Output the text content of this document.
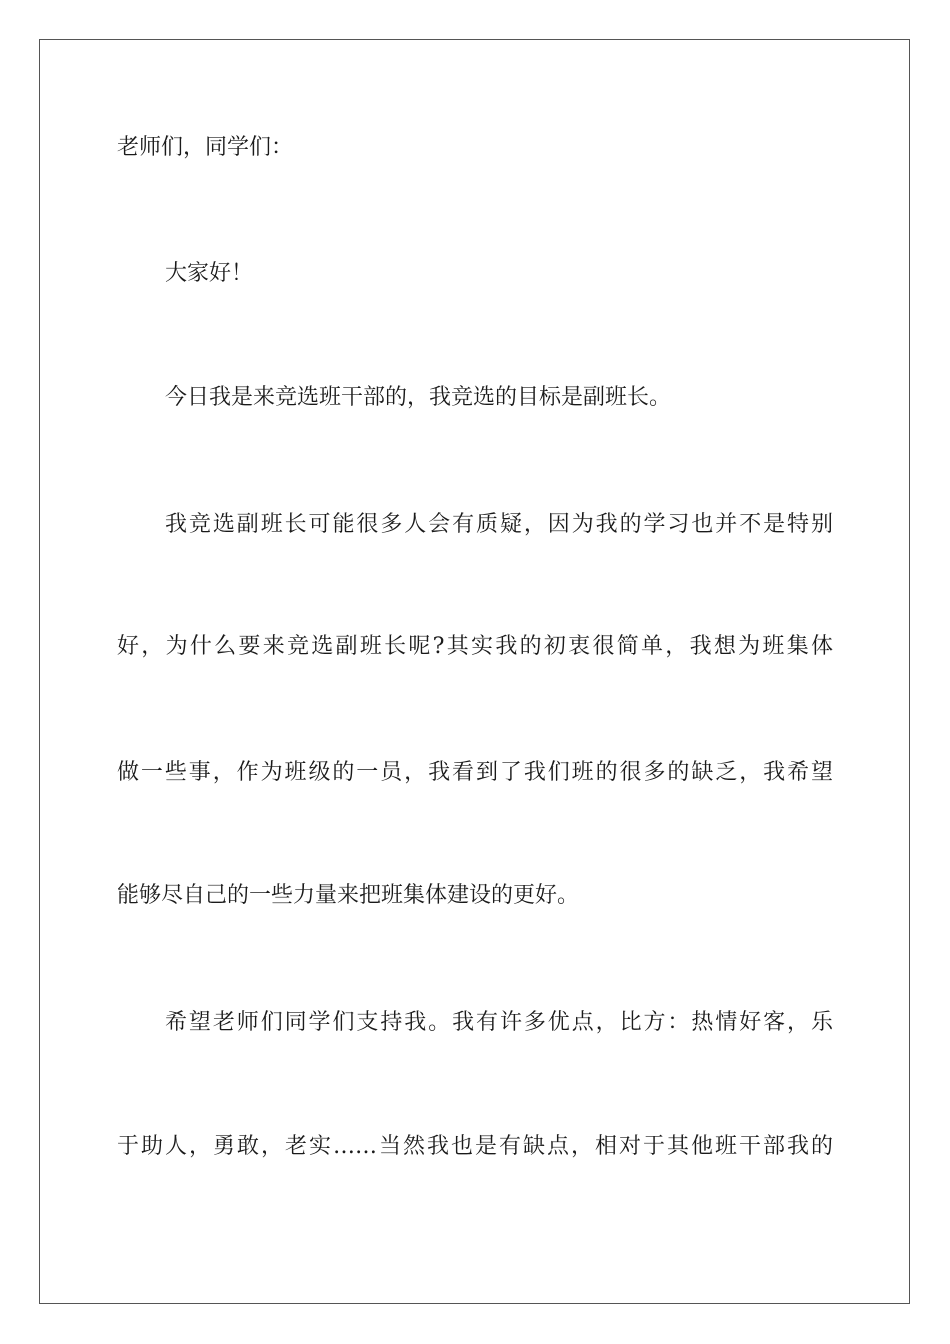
老师们，同学们：
大家好！
今日我是来竞选班干部的，我竞选的目标是副班长。
我竞选副班长可能很多人会有质疑，因为我的学习也并不是特别
好，为什么要来竞选副班长呢?其实我的初衷很简单，我想为班集体
做一些事，作为班级的一员，我看到了我们班的很多的缺乏，我希望
能够尽自己的一些力量来把班集体建设的更好。
希望老师们同学们支持我。我有许多优点，比方：热情好客，乐
于助人，勇敢，老实……当然我也是有缺点，相对于其他班干部我的
